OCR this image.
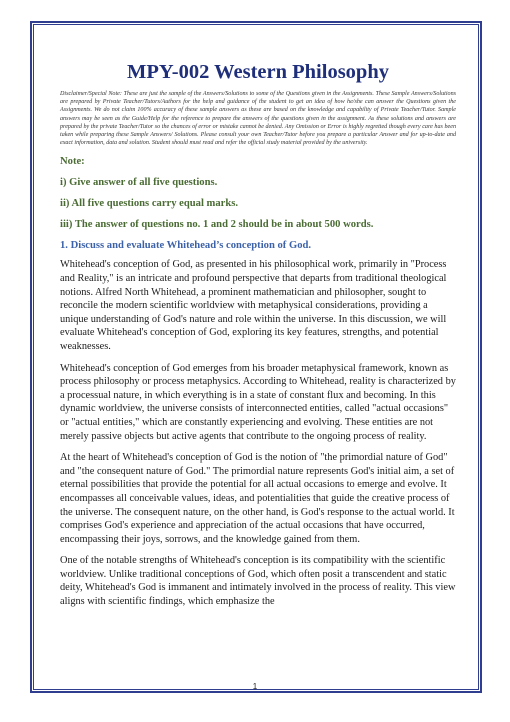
MPY-002 Western Philosophy

Disclaimer/Special Note: These are just the sample of the Answers/Solutions to some of the Questions given in the Assignments. These Sample Answers/Solutions are prepared by Private Teacher/Tutors/Authors for the help and guidance of the student to get an idea of how he/she can answer the Questions given the Assignments. We do not claim 100% accuracy of these sample answers as these are based on the knowledge and capability of Private Teacher/Tutor. Sample answers may be seen as the Guide/Help for the reference to prepare the answers of the questions given in the assignment. As these solutions and answers are prepared by the private Teacher/Tutor so the chances of error or mistake cannot be denied. Any Omission or Error is highly regretted though every care has been taken while preparing these Sample Answers/ Solutions. Please consult your own Teacher/Tutor before you prepare a particular Answer and for up-to-date and exact information, data and solution. Student should must read and refer the official study material provided by the university.

Note:
i) Give answer of all five questions.
ii) All five questions carry equal marks.
iii) The answer of questions no. 1 and 2 should be in about 500 words.
1. Discuss and evaluate Whitehead’s conception of God.

Whitehead's conception of God, as presented in his philosophical work, primarily in "Process and Reality," is an intricate and profound perspective that departs from traditional theological notions. Alfred North Whitehead, a prominent mathematician and philosopher, sought to reconcile the modern scientific worldview with metaphysical considerations, providing a unique understanding of God's nature and role within the universe. In this discussion, we will evaluate Whitehead's conception of God, exploring its key features, strengths, and potential weaknesses.

Whitehead's conception of God emerges from his broader metaphysical framework, known as process philosophy or process metaphysics. According to Whitehead, reality is characterized by a processual nature, in which everything is in a state of constant flux and becoming. In this dynamic worldview, the universe consists of interconnected entities, called "actual occasions" or "actual entities," which are constantly experiencing and evolving. These entities are not merely passive objects but active agents that contribute to the ongoing process of reality.

At the heart of Whitehead's conception of God is the notion of "the primordial nature of God" and "the consequent nature of God." The primordial nature represents God's initial aim, a set of eternal possibilities that provide the potential for all actual occasions to emerge and evolve. It encompasses all conceivable values, ideas, and potentialities that guide the creative process of the universe. The consequent nature, on the other hand, is God's response to the actual world. It comprises God's experience and appreciation of the actual occasions that have occurred, encompassing their joys, sorrows, and the knowledge gained from them.

One of the notable strengths of Whitehead's conception is its compatibility with the scientific worldview. Unlike traditional conceptions of God, which often posit a transcendent and static deity, Whitehead's God is immanent and intimately involved in the process of reality. This view aligns with scientific findings, which emphasize the

1
